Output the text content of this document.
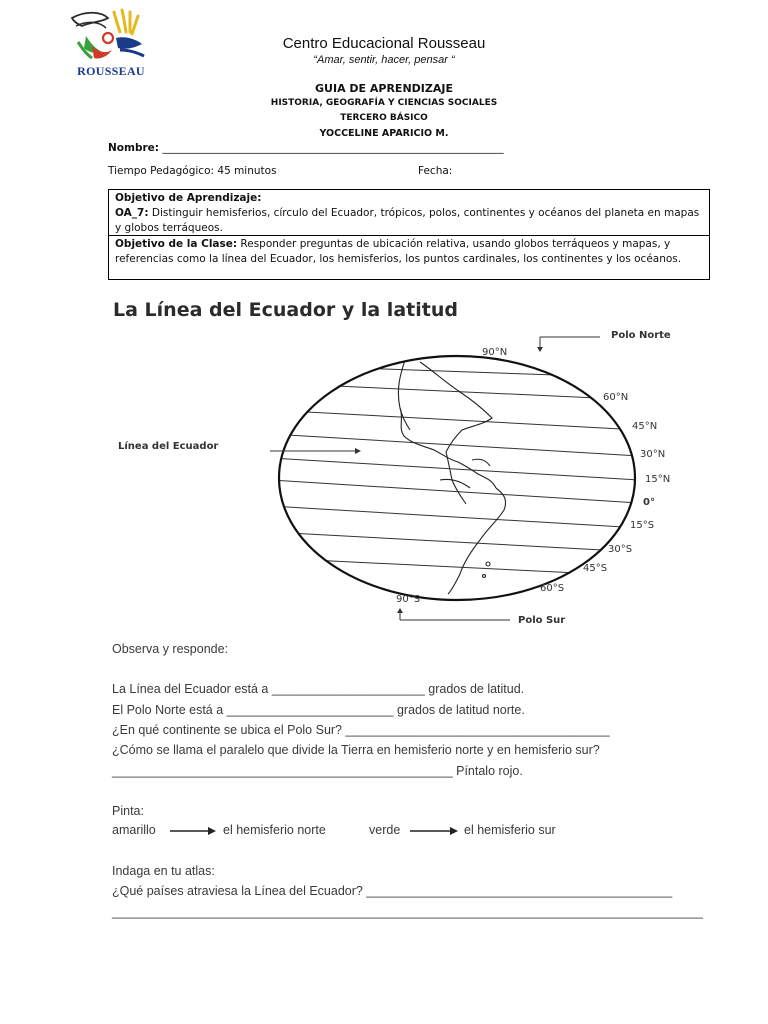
ROUSSEAU
Centro Educacional Rousseau
“Amar, sentir, hacer, pensar “
GUIA DE APRENDIZAJE
HISTORIA, GEOGRAFÍA Y CIENCIAS SOCIALES
TERCERO BÁSICO
YOCCELINE APARICIO M.
Nombre: _________________________________________________________________
Tiempo Pedagógico: 45 minutos	Fecha:
Objetivo de Aprendizaje:
OA_7: Distinguir hemisferios, círculo del Ecuador, trópicos, polos, continentes y océanos del planeta en mapas y globos terráqueos.
Objetivo de la Clase: Responder preguntas de ubicación relativa, usando globos terráqueos y mapas, y referencias como la línea del Ecuador, los hemisferios, los puntos cardinales, los continentes y los océanos.
La Línea del Ecuador y la latitud
Polo Norte
Línea del Ecuador
Polo Sur
90°N
60°N
45°N
30°N
15°N
0°
15°S
30°S
45°S
60°S
90°S
Observa y responde:
La Línea del Ecuador está a ______________________ grados de latitud.
El Polo Norte está a ________________________ grados de latitud norte.
¿En qué continente se ubica el Polo Sur? ______________________________________
¿Cómo se llama el paralelo que divide la Tierra en hemisferio norte y en hemisferio sur?
_________________________________________________ Píntalo rojo.
Pinta:
amarillo	el hemisferio norte	verde	el hemisferio sur
Indaga en tu atlas:
¿Qué países atraviesa la Línea del Ecuador? ____________________________________________
_____________________________________________________________________________________
